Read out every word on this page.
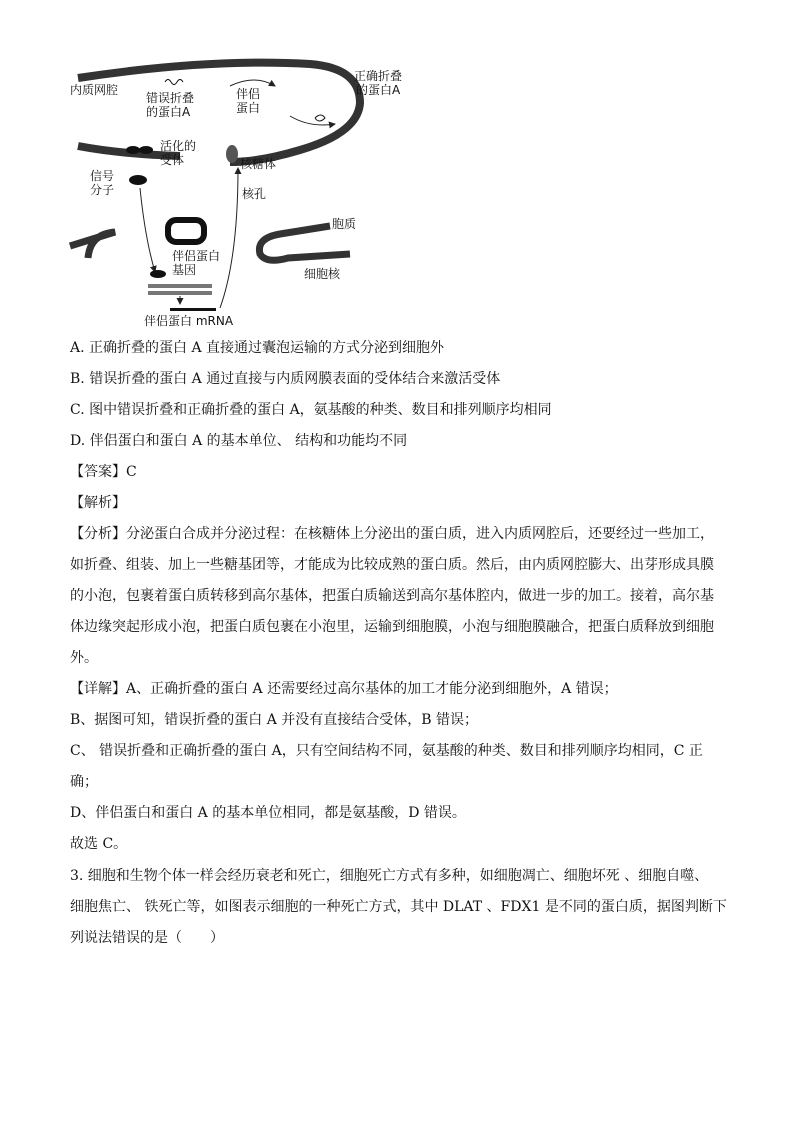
内质网腔
错误折叠
的蛋白A
伴侣
蛋白
正确折叠
的蛋白A
活化的
受体	核糖体
信号
分子	核孔
胞质
细胞核
伴侣蛋白
基因
伴侣蛋白 mRNA
A. 正确折叠的蛋白 A 直接通过囊泡运输的方式分泌到细胞外
B. 错误折叠的蛋白 A 通过直接与内质网膜表面的受体结合来激活受体
C. 图中错误折叠和正确折叠的蛋白 A，氨基酸的种类、数目和排列顺序均相同
D. 伴侣蛋白和蛋白 A 的基本单位、 结构和功能均不同
【答案】C
【解析】
【分析】分泌蛋白合成并分泌过程：在核糖体上分泌出的蛋白质，进入内质网腔后，还要经过一些加工，
如折叠、组装、加上一些糖基团等，才能成为比较成熟的蛋白质。然后，由内质网腔膨大、出芽形成具膜
的小泡，包裹着蛋白质转移到高尔基体，把蛋白质输送到高尔基体腔内，做进一步的加工。接着，高尔基
体边缘突起形成小泡，把蛋白质包裹在小泡里，运输到细胞膜，小泡与细胞膜融合，把蛋白质释放到细胞
外。
【详解】A、正确折叠的蛋白 A 还需要经过高尔基体的加工才能分泌到细胞外，A 错误；
B、据图可知，错误折叠的蛋白 A 并没有直接结合受体，B 错误；
C、 错误折叠和正确折叠的蛋白 A，只有空间结构不同，氨基酸的种类、数目和排列顺序均相同，C 正
确；
D、伴侣蛋白和蛋白 A 的基本单位相同，都是氨基酸，D 错误。
故选 C。
3. 细胞和生物个体一样会经历衰老和死亡，细胞死亡方式有多种，如细胞凋亡、细胞坏死 、细胞自噬、
细胞焦亡、 铁死亡等，如图表示细胞的一种死亡方式，其中 DLAT 、FDX1 是不同的蛋白质，据图判断下
列说法错误的是（　　）
